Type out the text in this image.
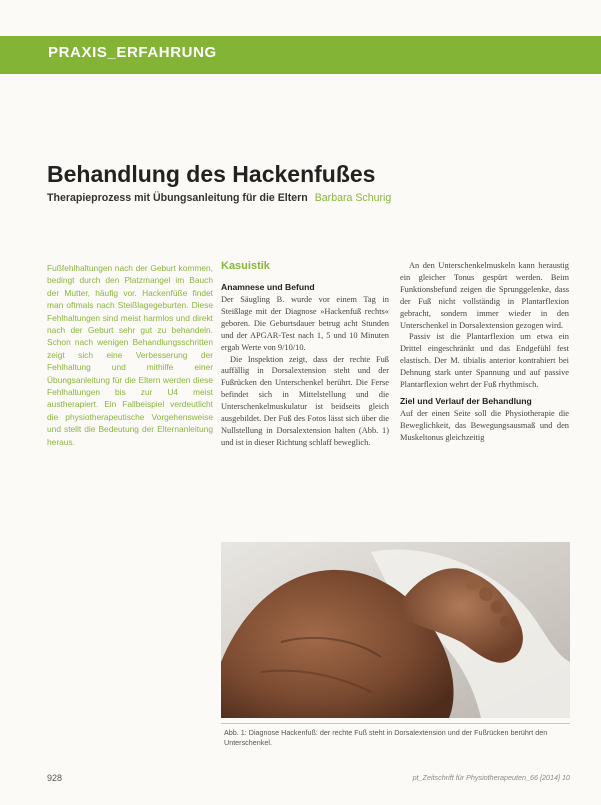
PRAXIS_ERFAHRUNG
Behandlung des Hackenfußes

Therapieprozess mit Übungsanleitung für die Eltern Barbara Schurig

Fußfehlhaltungen nach der Geburt kommen, bedingt durch den Platzmangel im Bauch der Mutter, häufig vor. Hackenfüße findet man oftmals nach Steißlagegeburten. Diese Fehlhaltungen sind meist harmlos und direkt nach der Geburt sehr gut zu behandeln. Schon nach wenigen Behandlungsschritten zeigt sich eine Verbesserung der Fehlhaltung und mithilfe einer Übungsanleitung für die Eltern werden diese Fehlhaltungen bis zur U4 meist austherapiert. Ein Fallbeispiel verdeutlicht die physiotherapeutische Vorgehensweise und stellt die Bedeutung der Elternanleitung heraus.

Kasuistik
Anamnese und Befund

Der Säugling B. wurde vor einem Tag in Steißlage mit der Diagnose »Hackenfuß rechts« geboren. Die Geburtsdauer betrug acht Stunden und der APGAR-Test nach 1, 5 und 10 Minuten ergab Werte von 9/10/10.

Die Inspektion zeigt, dass der rechte Fuß auffällig in Dorsalextension steht und der Fußrücken den Unterschenkel berührt. Die Ferse befindet sich in Mittelstellung und die Unterschenkelmuskulatur ist beidseits gleich ausgebildet. Der Fuß des Fotos lässt sich über die Nullstellung in Dorsalextension halten (Abb. 1) und ist in dieser Richtung schlaff beweglich.

An den Unterschenkelmuskeln kann heraustig ein gleicher Tonus gespürt werden. Beim Funktionsbefund zeigen die Sprunggelenke, dass der Fuß nicht vollständig in Plantarflexion gebracht, sondern immer wieder in den Unterschenkel in Dorsalextension gezogen wird.

Passiv ist die Plantarflexion um etwa ein Drittel eingeschränkt und das Endgefühl fest elastisch. Der M. tibialis anterior kontrahiert bei Dehnung stark unter Spannung und auf passive Plantarflexion wehrt der Fuß rhythmisch.

Ziel und Verlauf der Behandlung

Auf der einen Seite soll die Physiotherapie die Beweglichkeit, das Bewegungsausmaß und den Muskeltonus gleichzeitig

Abb. 1: Diagnose Hackenfuß: der rechte Fuß steht in Dorsalextension und der Fußrücken berührt den Unterschenkel.

928	pt_Zeitschrift für Physiotherapeuten_66 [2014] 10
